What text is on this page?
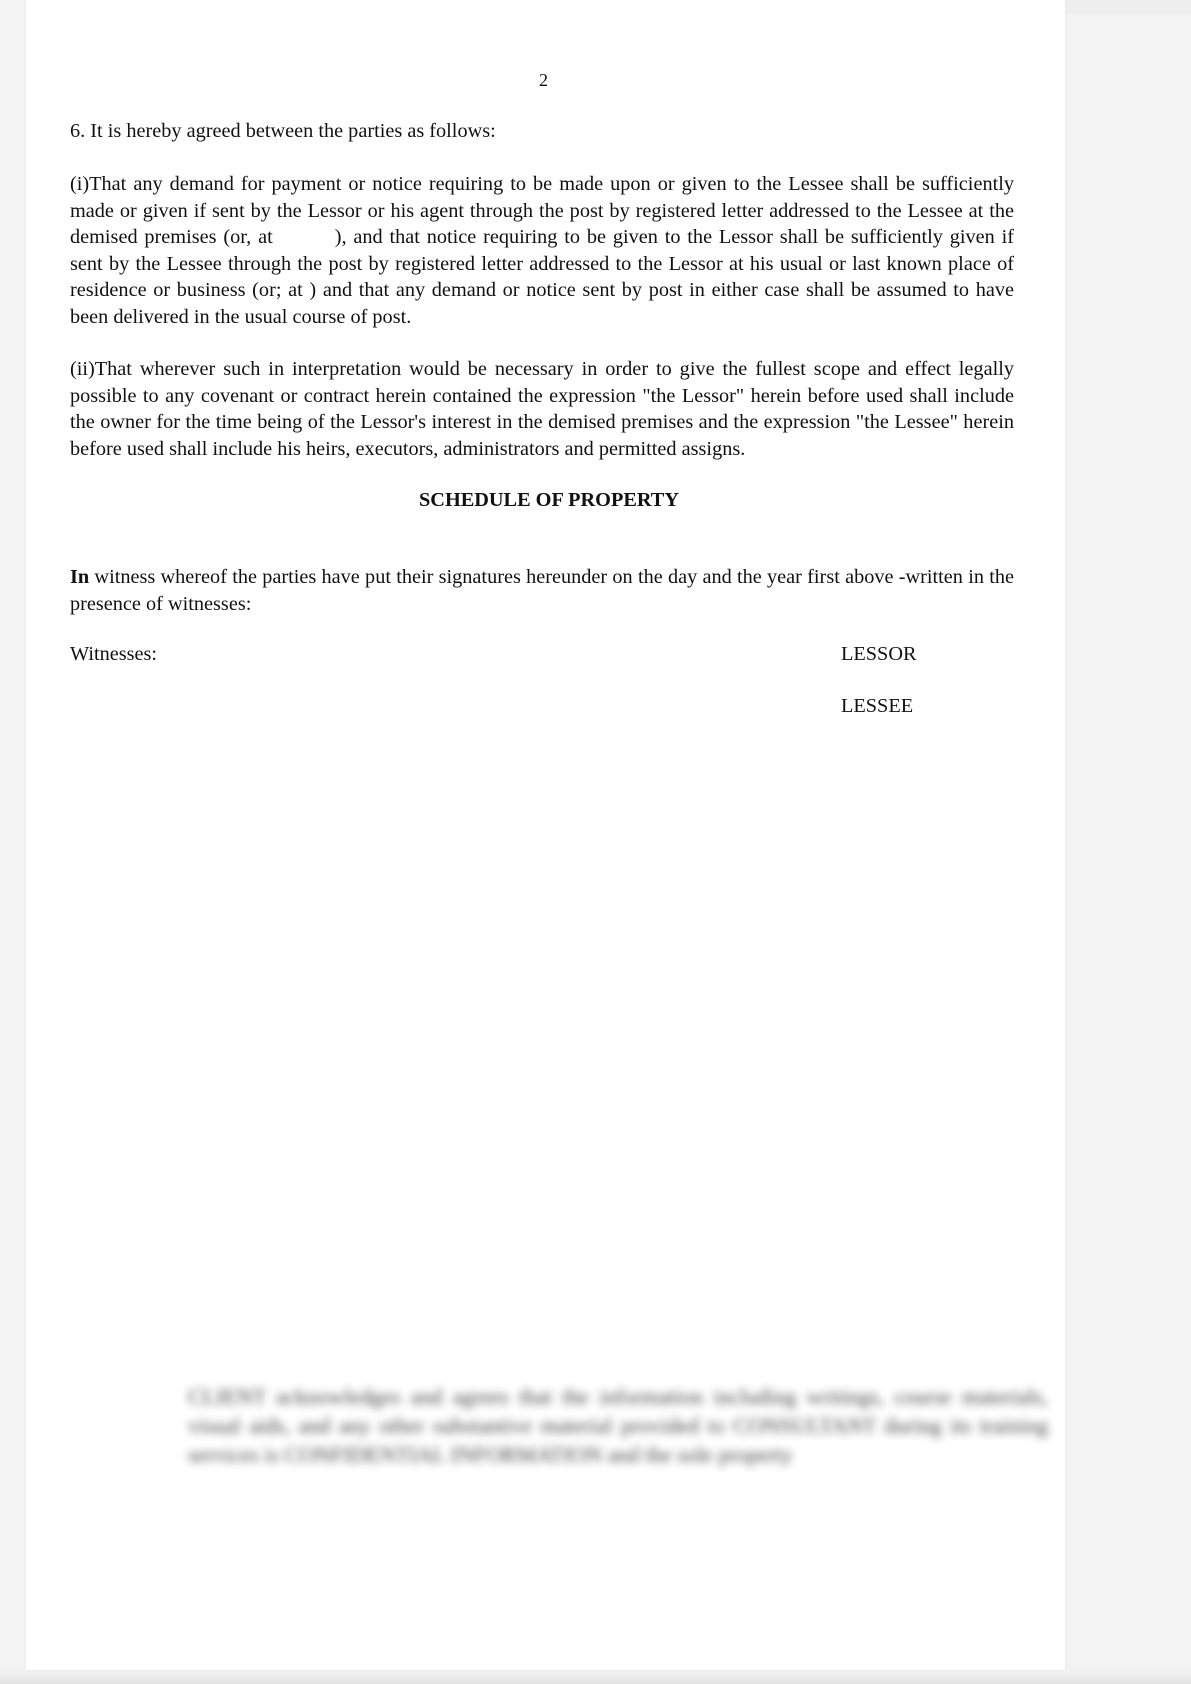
2

6. It is hereby agreed between the parties as follows:

(i)That any demand for payment or notice requiring to be made upon or given to the Lessee shall be sufficiently made or given if sent by the Lessor or his agent through the post by registered letter addressed to the Lessee at the demised premises (or, at	), and that notice requiring to be given to the Lessor shall be sufficiently given if sent by the Lessee through the post by registered letter addressed to the Lessor at his usual or last known place of residence or business (or; at ) and that any demand or notice sent by post in either case shall be assumed to have been delivered in the usual course of post.

(ii)That wherever such in interpretation would be necessary in order to give the fullest scope and effect legally possible to any covenant or contract herein contained the expression "the Lessor" herein before used shall include the owner for the time being of the Lessor's interest in the demised premises and the expression "the Lessee" herein before used shall include his heirs, executors, administrators and permitted assigns.

SCHEDULE OF PROPERTY

In witness whereof the parties have put their signatures hereunder on the day and the year first above -written in the presence of witnesses:

Witnesses:	LESSOR
LESSEE
CLIENT acknowledges and agrees that the information including writings, course materials, visual aids, and any other substantive material provided to CONSULTANT during its training services is CONFIDENTIAL INFORMATION and the sole property
